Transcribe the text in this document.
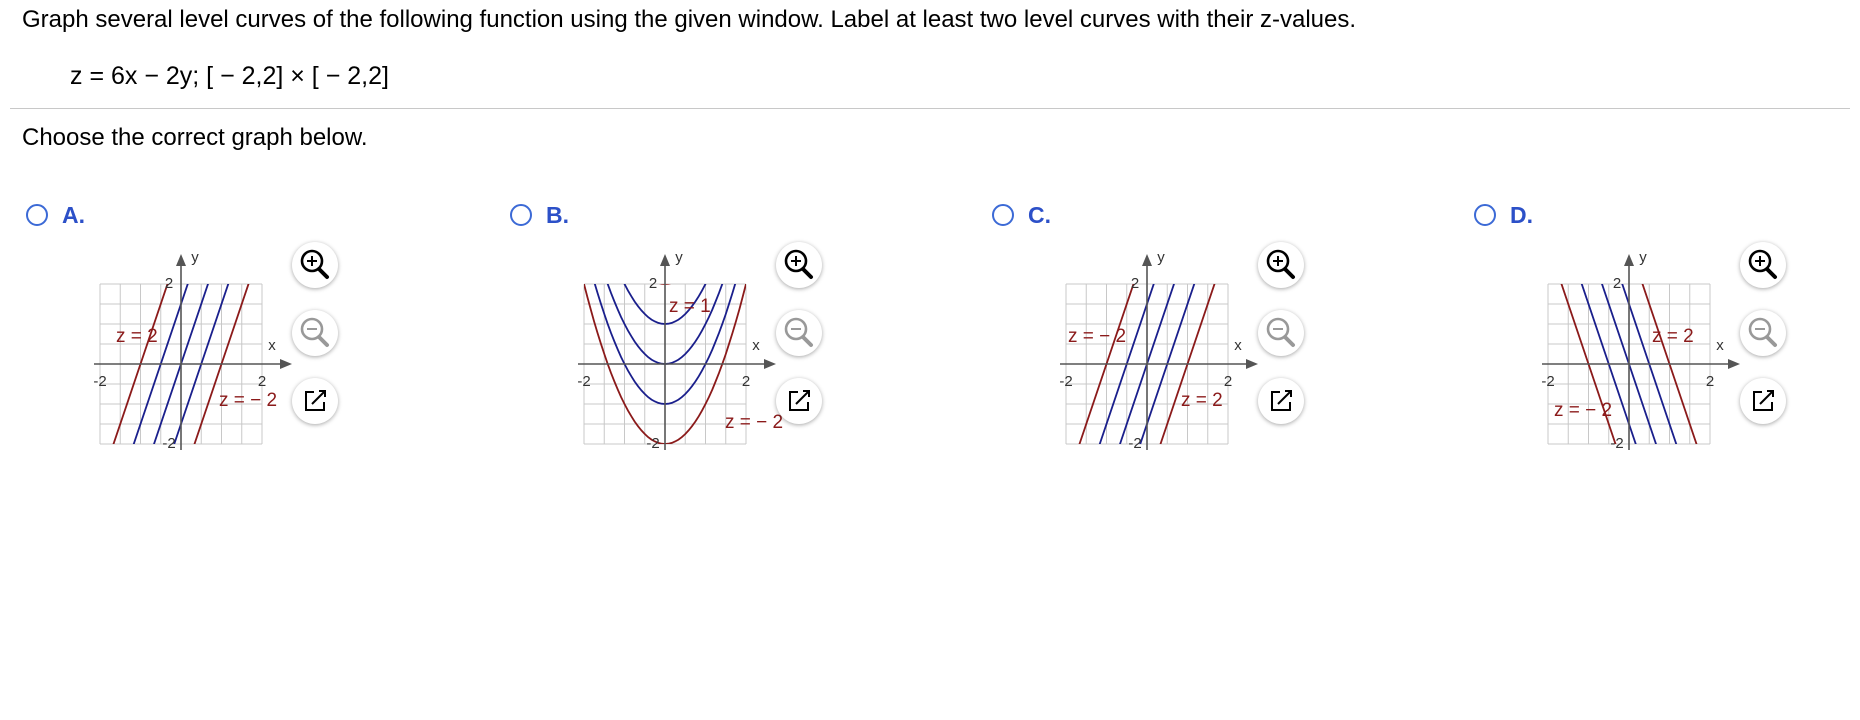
Graph several level curves of the following function using the given window. Label at least two level curves with their z-values.
z = 6x − 2y; [ − 2,2] × [ − 2,2]
Choose the correct graph below.
A.
y
x
-2	2
2
-2
z = 2
z = − 2
B.
y
x
-2	2
2
-2
z = 1
z = − 2
C.
y
x
-2	2
2
-2
z = − 2
z = 2
D.
y
x
-2	2
2
-2
z = 2
z = − 2
